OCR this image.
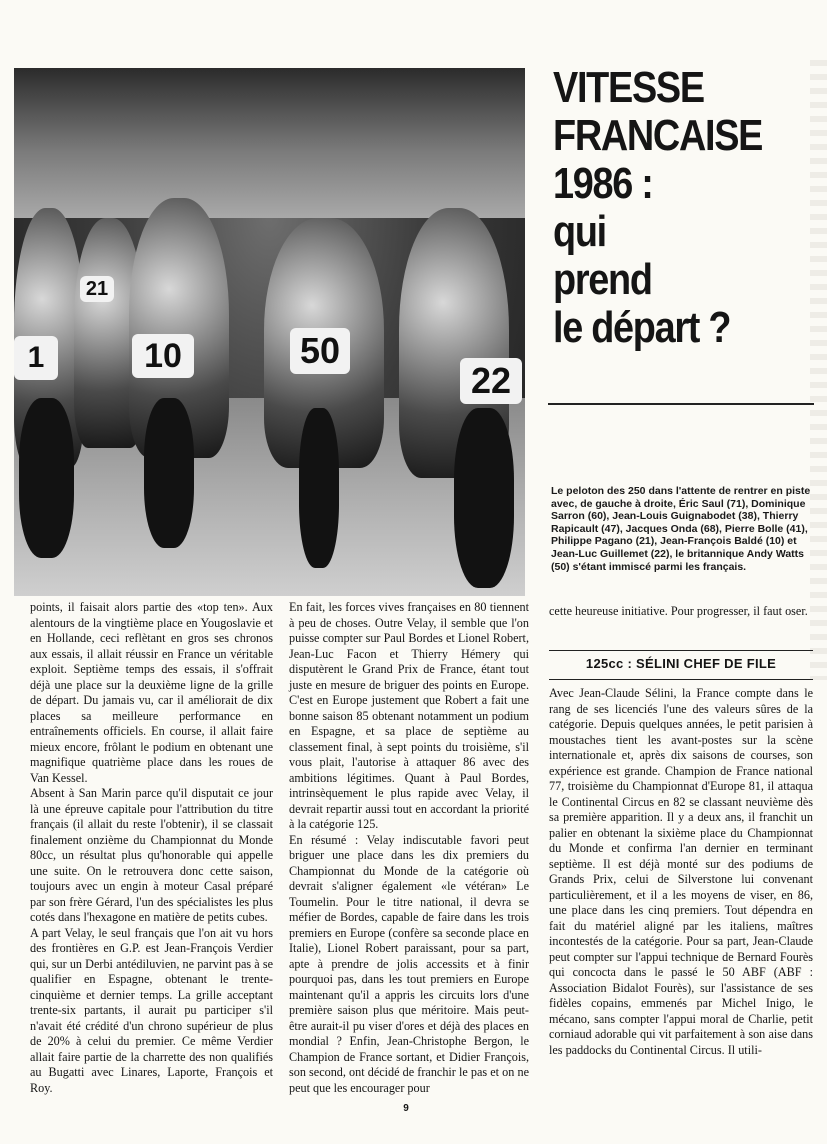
1
21
10	50
22
VITESSE
FRANCAISE
1986 :
qui
prend
le départ ?
Le peloton des 250 dans l'attente de rentrer en piste avec, de gauche à droite, Éric Saul (71), Dominique Sarron (60), Jean-Louis Guignabodet (38), Thierry Rapicault (47), Jacques Onda (68), Pierre Bolle (41), Philippe Pagano (21), Jean-François Baldé (10) et Jean-Luc Guillemet (22), le britannique Andy Watts (50) s'étant immiscé parmi les français.

points, il faisait alors partie des «top ten». Aux alentours de la vingtième place en Yougoslavie et en Hollande, ceci reflètant en gros ses chronos aux essais, il allait réussir en France un véritable exploit. Septième temps des essais, il s'offrait déjà une place sur la deuxième ligne de la grille de départ. Du jamais vu, car il améliorait de dix places sa meilleure performance en entraînements officiels. En course, il allait faire mieux encore, frôlant le podium en obtenant une magnifique quatrième place dans les roues de Van Kessel.

Absent à San Marin parce qu'il disputait ce jour là une épreuve capitale pour l'attribution du titre français (il allait du reste l'obtenir), il se classait finalement onzième du Championnat du Monde 80cc, un résultat plus qu'honorable qui appelle une suite. On le retrouvera donc cette saison, toujours avec un engin à moteur Casal préparé par son frère Gérard, l'un des spécialistes les plus cotés dans l'hexagone en matière de petits cubes.

A part Velay, le seul français que l'on ait vu hors des frontières en G.P. est Jean-François Verdier qui, sur un Derbi antédiluvien, ne parvint pas à se qualifier en Espagne, obtenant le trente-cinquième et dernier temps. La grille acceptant trente-six partants, il aurait pu participer s'il n'avait été crédité d'un chrono supérieur de plus de 20% à celui du premier. Ce même Verdier allait faire partie de la charrette des non qualifiés au Bugatti avec Linares, Laporte, François et Roy.

En fait, les forces vives françaises en 80 tiennent à peu de choses. Outre Velay, il semble que l'on puisse compter sur Paul Bordes et Lionel Robert, Jean-Luc Facon et Thierry Hémery qui disputèrent le Grand Prix de France, étant tout juste en mesure de briguer des points en Europe. C'est en Europe justement que Robert a fait une bonne saison 85 obtenant notamment un podium en Espagne, et sa place de septième au classement final, à sept points du troisième, s'il vous plait, l'autorise à attaquer 86 avec des ambitions légitimes. Quant à Paul Bordes, intrinsèquement le plus rapide avec Velay, il devrait repartir aussi tout en accordant la priorité à la catégorie 125.

En résumé : Velay indiscutable favori peut briguer une place dans les dix premiers du Championnat du Monde de la catégorie où devrait s'aligner également «le vétéran» Le Toumelin. Pour le titre national, il devra se méfier de Bordes, capable de faire dans les trois premiers en Europe (confère sa seconde place en Italie), Lionel Robert paraissant, pour sa part, apte à prendre de jolis accessits et à finir pourquoi pas, dans les tout premiers en Europe maintenant qu'il a appris les circuits lors d'une première saison plus que méritoire. Mais peut-être aurait-il pu viser d'ores et déjà des places en mondial ? Enfin, Jean-Christophe Bergon, le Champion de France sortant, et Didier François, son second, ont décidé de franchir le pas et on ne peut que les encourager pour

cette heureuse initiative. Pour progresser, il faut oser.

125cc : SÉLINI CHEF DE FILE

Avec Jean-Claude Sélini, la France compte dans le rang de ses licenciés l'une des valeurs sûres de la catégorie. Depuis quelques années, le petit parisien à moustaches tient les avant-postes sur la scène internationale et, après dix saisons de courses, son expérience est grande. Champion de France national 77, troisième du Championnat d'Europe 81, il attaqua le Continental Circus en 82 se classant neuvième dès sa première apparition. Il y a deux ans, il franchit un palier en obtenant la sixième place du Championnat du Monde et confirma l'an dernier en terminant septième. Il est déjà monté sur des podiums de Grands Prix, celui de Silverstone lui convenant particulièrement, et il a les moyens de viser, en 86, une place dans les cinq premiers. Tout dépendra en fait du matériel aligné par les italiens, maîtres incontestés de la catégorie. Pour sa part, Jean-Claude peut compter sur l'appui technique de Bernard Fourès qui concocta dans le passé le 50 ABF (ABF : Association Bidalot Fourès), sur l'assistance de ses fidèles copains, emmenés par Michel Inigo, le mécano, sans compter l'appui moral de Charlie, petit corniaud adorable qui vit parfaitement à son aise dans les paddocks du Continental Circus. Il utili-

9
